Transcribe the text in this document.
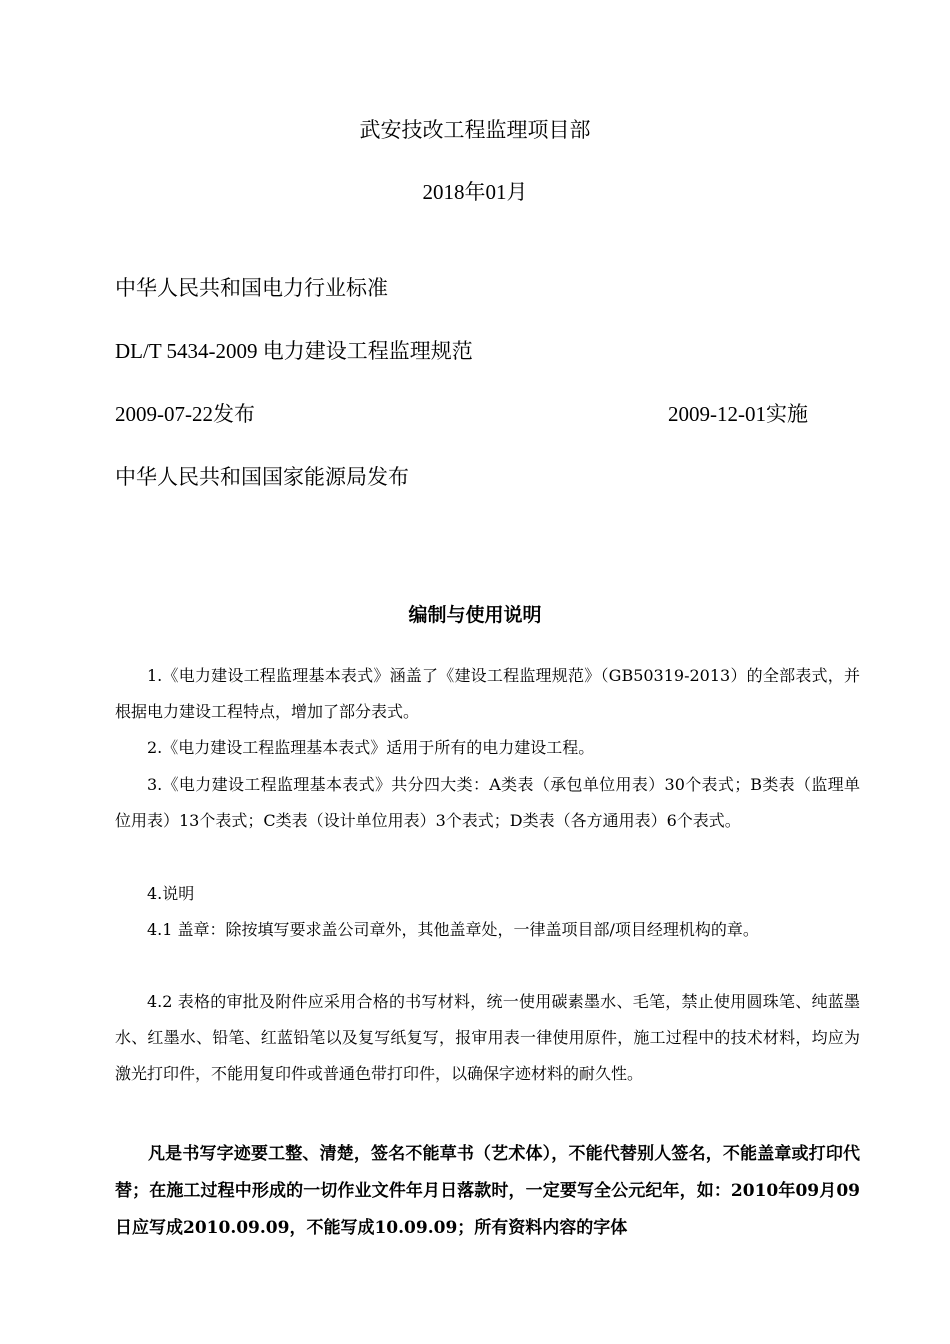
武安技改工程监理项目部
2018年01月
中华人民共和国电力行业标准
DL/T 5434-2009 电力建设工程监理规范
2009-07-22发布	2009-12-01实施
中华人民共和国国家能源局发布
编制与使用说明
1.《电力建设工程监理基本表式》涵盖了《建设工程监理规范》（GB50319-2013）的全部表式，并根据电力建设工程特点，增加了部分表式。
2.《电力建设工程监理基本表式》适用于所有的电力建设工程。
3.《电力建设工程监理基本表式》共分四大类：A类表（承包单位用表）30个表式；B类表（监理单位用表）13个表式；C类表（设计单位用表）3个表式；D类表（各方通用表）6个表式。
4.说明
4.1 盖章：除按填写要求盖公司章外，其他盖章处，一律盖项目部/项目经理机构的章。
4.2 表格的审批及附件应采用合格的书写材料，统一使用碳素墨水、毛笔，禁止使用圆珠笔、纯蓝墨水、红墨水、铅笔、红蓝铅笔以及复写纸复写，报审用表一律使用原件，施工过程中的技术材料，均应为激光打印件，不能用复印件或普通色带打印件，以确保字迹材料的耐久性。
凡是书写字迹要工整、清楚，签名不能草书（艺术体），不能代替别人签名，不能盖章或打印代替；在施工过程中形成的一切作业文件年月日落款时，一定要写全公元纪年，如：2010年09月09日应写成2010.09.09，不能写成10.09.09；所有资料内容的字体
